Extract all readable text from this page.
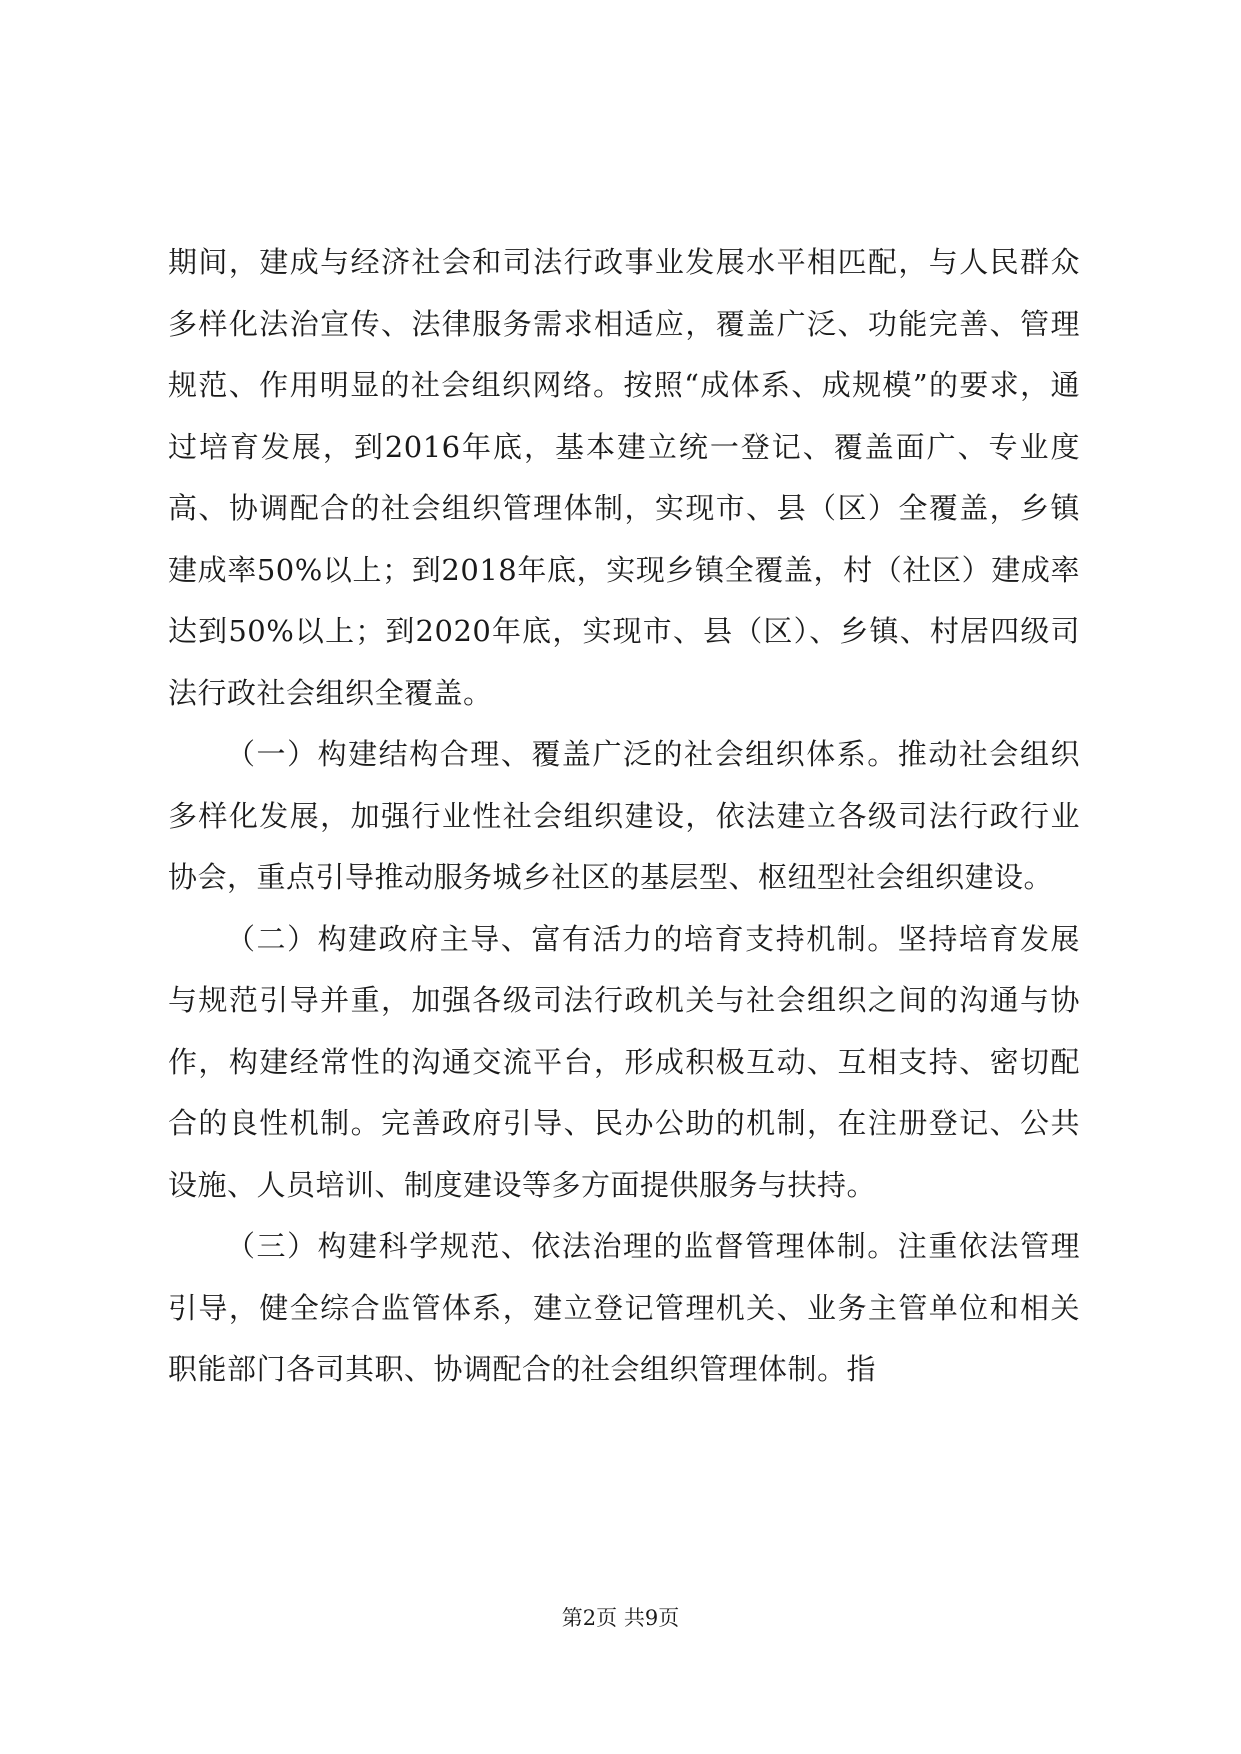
期间，建成与经济社会和司法行政事业发展水平相匹配，与人民群众多样化法治宣传、法律服务需求相适应，覆盖广泛、功能完善、管理规范、作用明显的社会组织网络。按照“成体系、成规模”的要求，通过培育发展，到2016年底，基本建立统一登记、覆盖面广、专业度高、协调配合的社会组织管理体制，实现市、县（区）全覆盖，乡镇建成率50%以上；到2018年底，实现乡镇全覆盖，村（社区）建成率达到50%以上；到2020年底，实现市、县（区）、乡镇、村居四级司法行政社会组织全覆盖。

（一）构建结构合理、覆盖广泛的社会组织体系。推动社会组织多样化发展，加强行业性社会组织建设，依法建立各级司法行政行业协会，重点引导推动服务城乡社区的基层型、枢纽型社会组织建设。

（二）构建政府主导、富有活力的培育支持机制。坚持培育发展与规范引导并重，加强各级司法行政机关与社会组织之间的沟通与协作，构建经常性的沟通交流平台，形成积极互动、互相支持、密切配合的良性机制。完善政府引导、民办公助的机制，在注册登记、公共设施、人员培训、制度建设等多方面提供服务与扶持。

（三）构建科学规范、依法治理的监督管理体制。注重依法管理引导，健全综合监管体系，建立登记管理机关、业务主管单位和相关职能部门各司其职、协调配合的社会组织管理体制。指

第2页 共9页
